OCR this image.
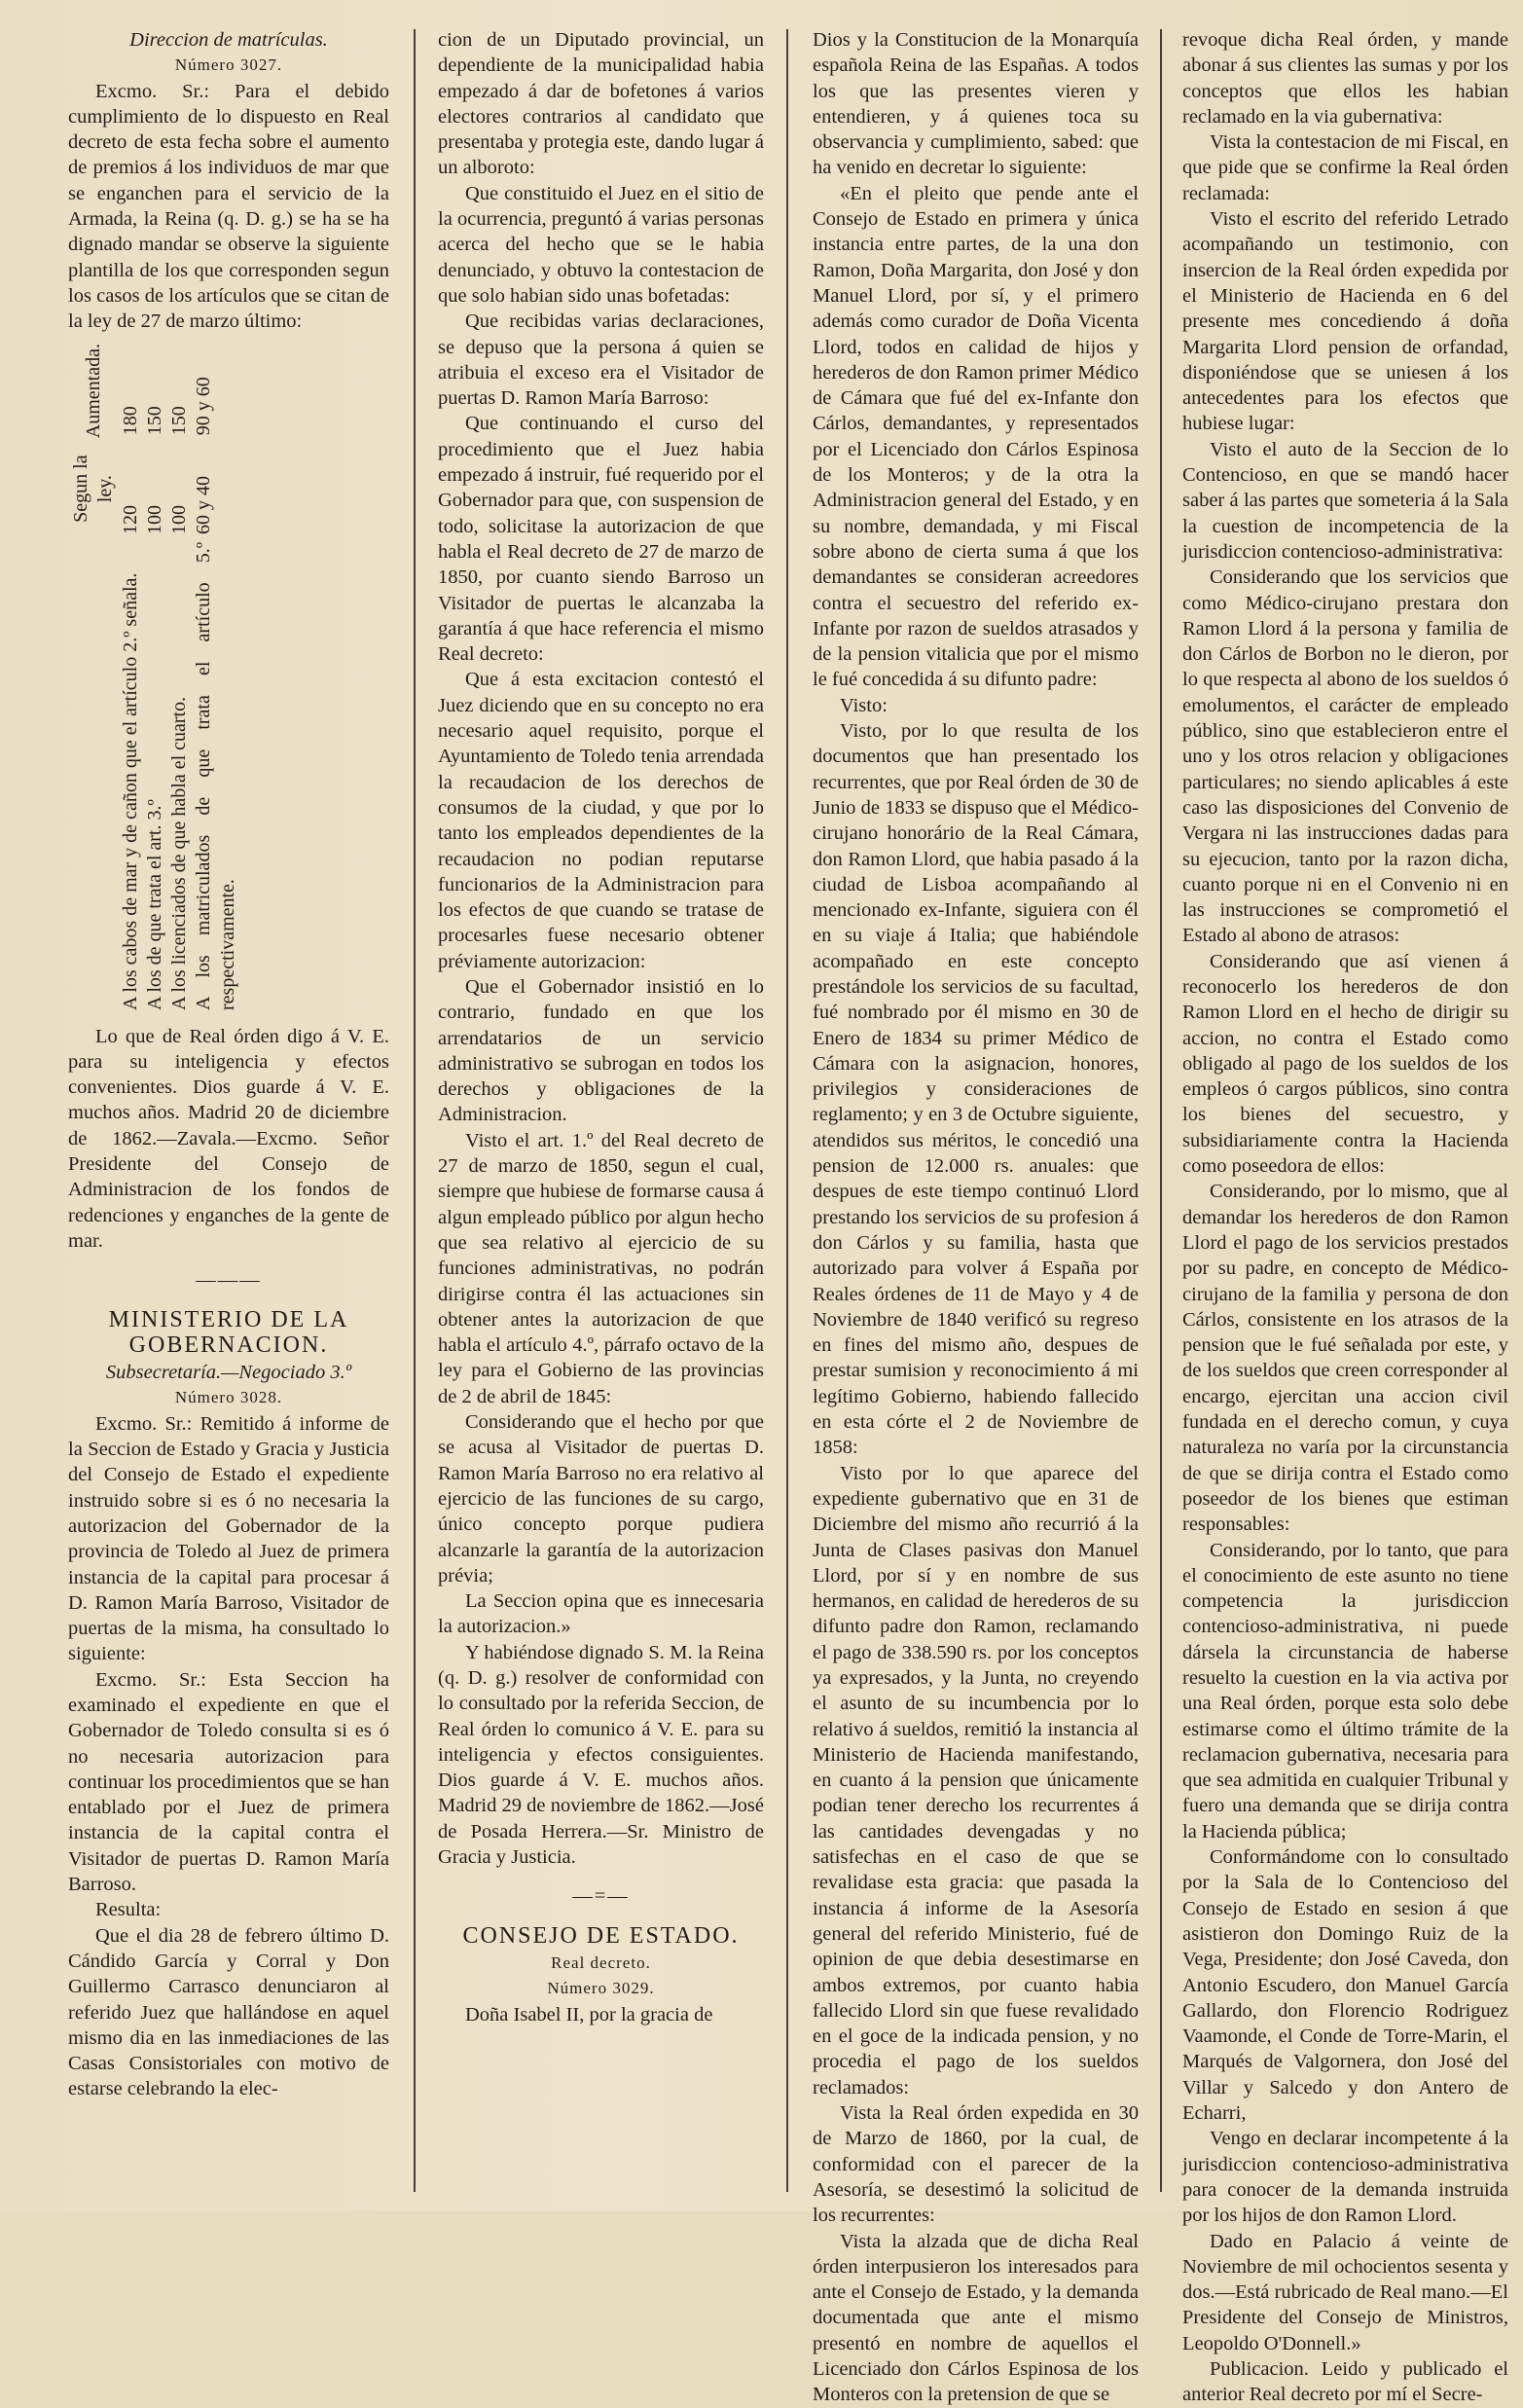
Direccion de matrículas.

Número 3027.

Excmo. Sr.: Para el debido cumplimiento de lo dispuesto en Real decreto de esta fecha sobre el aumento de premios á los individuos de mar que se enganchen para el servicio de la Armada, la Reina (q. D. g.) se ha se ha dignado mandar se observe la siguiente plantilla de los que corresponden segun los casos de los artículos que se citan de la ley de 27 de marzo último:

	Segun la ley.	Aumentada.
A los cabos de mar y de cañon que el artículo 2.º señala.	120	180
A los de que trata el art. 3.º	100	150
A los licenciados de que habla el cuarto.	100	150
A los matriculados de que trata el artículo 5.º respectivamente.	60 y 40	90 y 60

Lo que de Real órden digo á V. E. para su inteligencia y efectos convenientes. Dios guarde á V. E. muchos años. Madrid 20 de diciembre de 1862.—Zavala.—Excmo. Señor Presidente del Consejo de Administracion de los fondos de redenciones y enganches de la gente de mar.

———

MINISTERIO DE LA GOBERNACION.

Subsecretaría.—Negociado 3.º

Número 3028.

Excmo. Sr.: Remitido á informe de la Seccion de Estado y Gracia y Justicia del Consejo de Estado el expediente instruido sobre si es ó no necesaria la autorizacion del Gobernador de la provincia de Toledo al Juez de primera instancia de la capital para procesar á D. Ramon María Barroso, Visitador de puertas de la misma, ha consultado lo siguiente:

Excmo. Sr.: Esta Seccion ha examinado el expediente en que el Gobernador de Toledo consulta si es ó no necesaria autorizacion para continuar los procedimientos que se han entablado por el Juez de primera instancia de la capital contra el Visitador de puertas D. Ramon María Barroso.

Resulta:

Que el dia 28 de febrero último D. Cándido García y Corral y Don Guillermo Carrasco denunciaron al referido Juez que hallándose en aquel mismo dia en las inmediaciones de las Casas Consistoriales con motivo de estarse celebrando la elec-

cion de un Diputado provincial, un dependiente de la municipalidad habia empezado á dar de bofetones á varios electores contrarios al candidato que presentaba y protegia este, dando lugar á un alboroto:

Que constituido el Juez en el sitio de la ocurrencia, preguntó á varias personas acerca del hecho que se le habia denunciado, y obtuvo la contestacion de que solo habian sido unas bofetadas:

Que recibidas varias declaraciones, se depuso que la persona á quien se atribuia el exceso era el Visitador de puertas D. Ramon María Barroso:

Que continuando el curso del procedimiento que el Juez habia empezado á instruir, fué requerido por el Gobernador para que, con suspension de todo, solicitase la autorizacion de que habla el Real decreto de 27 de marzo de 1850, por cuanto siendo Barroso un Visitador de puertas le alcanzaba la garantía á que hace referencia el mismo Real decreto:

Que á esta excitacion contestó el Juez diciendo que en su concepto no era necesario aquel requisito, porque el Ayuntamiento de Toledo tenia arrendada la recaudacion de los derechos de consumos de la ciudad, y que por lo tanto los empleados dependientes de la recaudacion no podian reputarse funcionarios de la Administracion para los efectos de que cuando se tratase de procesarles fuese necesario obtener préviamente autorizacion:

Que el Gobernador insistió en lo contrario, fundado en que los arrendatarios de un servicio administrativo se subrogan en todos los derechos y obligaciones de la Administracion.

Visto el art. 1.º del Real decreto de 27 de marzo de 1850, segun el cual, siempre que hubiese de formarse causa á algun empleado público por algun hecho que sea relativo al ejercicio de su funciones administrativas, no podrán dirigirse contra él las actuaciones sin obtener antes la autorizacion de que habla el artículo 4.º, párrafo octavo de la ley para el Gobierno de las provincias de 2 de abril de 1845:

Considerando que el hecho por que se acusa al Visitador de puertas D. Ramon María Barroso no era relativo al ejercicio de las funciones de su cargo, único concepto porque pudiera alcanzarle la garantía de la autorizacion prévia;

La Seccion opina que es innecesaria la autorizacion.»

Y habiéndose dignado S. M. la Reina (q. D. g.) resolver de conformidad con lo consultado por la referida Seccion, de Real órden lo comunico á V. E. para su inteligencia y efectos consiguientes. Dios guarde á V. E. muchos años. Madrid 29 de noviembre de 1862.—José de Posada Herrera.—Sr. Ministro de Gracia y Justicia.

—=—

CONSEJO DE ESTADO.

Real decreto.

Número 3029.

Doña Isabel II, por la gracia de

Dios y la Constitucion de la Monarquía española Reina de las Españas. A todos los que las presentes vieren y entendieren, y á quienes toca su observancia y cumplimiento, sabed: que ha venido en decretar lo siguiente:

«En el pleito que pende ante el Consejo de Estado en primera y única instancia entre partes, de la una don Ramon, Doña Margarita, don José y don Manuel Llord, por sí, y el primero además como curador de Doña Vicenta Llord, todos en calidad de hijos y herederos de don Ramon primer Médico de Cámara que fué del ex-Infante don Cárlos, demandantes, y representados por el Licenciado don Cárlos Espinosa de los Monteros; y de la otra la Administracion general del Estado, y en su nombre, demandada, y mi Fiscal sobre abono de cierta suma á que los demandantes se consideran acreedores contra el secuestro del referido ex-Infante por razon de sueldos atrasados y de la pension vitalicia que por el mismo le fué concedida á su difunto padre:

Visto:

Visto, por lo que resulta de los documentos que han presentado los recurrentes, que por Real órden de 30 de Junio de 1833 se dispuso que el Médico-cirujano honorário de la Real Cámara, don Ramon Llord, que habia pasado á la ciudad de Lisboa acompañando al mencionado ex-Infante, siguiera con él en su viaje á Italia; que habiéndole acompañado en este concepto prestándole los servicios de su facultad, fué nombrado por él mismo en 30 de Enero de 1834 su primer Médico de Cámara con la asignacion, honores, privilegios y consideraciones de reglamento; y en 3 de Octubre siguiente, atendidos sus méritos, le concedió una pension de 12.000 rs. anuales: que despues de este tiempo continuó Llord prestando los servicios de su profesion á don Cárlos y su familia, hasta que autorizado para volver á España por Reales órdenes de 11 de Mayo y 4 de Noviembre de 1840 verificó su regreso en fines del mismo año, despues de prestar sumision y reconocimiento á mi legítimo Gobierno, habiendo fallecido en esta córte el 2 de Noviembre de 1858:

Visto por lo que aparece del expediente gubernativo que en 31 de Diciembre del mismo año recurrió á la Junta de Clases pasivas don Manuel Llord, por sí y en nombre de sus hermanos, en calidad de herederos de su difunto padre don Ramon, reclamando el pago de 338.590 rs. por los conceptos ya expresados, y la Junta, no creyendo el asunto de su incumbencia por lo relativo á sueldos, remitió la instancia al Ministerio de Hacienda manifestando, en cuanto á la pension que únicamente podian tener derecho los recurrentes á las cantidades devengadas y no satisfechas en el caso de que se revalidase esta gracia: que pasada la instancia á informe de la Asesoría general del referido Ministerio, fué de opinion de que debia desestimarse en ambos extremos, por cuanto habia fallecido Llord sin que fuese revalidado en el goce de la indicada pension, y no procedia el pago de los sueldos reclamados:

Vista la Real órden expedida en 30 de Marzo de 1860, por la cual, de conformidad con el parecer de la Asesoría, se desestimó la solicitud de los recurrentes:

Vista la alzada que de dicha Real órden interpusieron los interesados para ante el Consejo de Estado, y la demanda documentada que ante el mismo presentó en nombre de aquellos el Licenciado don Cárlos Espinosa de los Monteros con la pretension de que se

revoque dicha Real órden, y mande abonar á sus clientes las sumas y por los conceptos que ellos les habian reclamado en la via gubernativa:

Vista la contestacion de mi Fiscal, en que pide que se confirme la Real órden reclamada:

Visto el escrito del referido Letrado acompañando un testimonio, con insercion de la Real órden expedida por el Ministerio de Hacienda en 6 del presente mes concediendo á doña Margarita Llord pension de orfandad, disponiéndose que se uniesen á los antecedentes para los efectos que hubiese lugar:

Visto el auto de la Seccion de lo Contencioso, en que se mandó hacer saber á las partes que someteria á la Sala la cuestion de incompetencia de la jurisdiccion contencioso-administrativa:

Considerando que los servicios que como Médico-cirujano prestara don Ramon Llord á la persona y familia de don Cárlos de Borbon no le dieron, por lo que respecta al abono de los sueldos ó emolumentos, el carácter de empleado público, sino que establecieron entre el uno y los otros relacion y obligaciones particulares; no siendo aplicables á este caso las disposiciones del Convenio de Vergara ni las instrucciones dadas para su ejecucion, tanto por la razon dicha, cuanto porque ni en el Convenio ni en las instrucciones se comprometió el Estado al abono de atrasos:

Considerando que así vienen á reconocerlo los herederos de don Ramon Llord en el hecho de dirigir su accion, no contra el Estado como obligado al pago de los sueldos de los empleos ó cargos públicos, sino contra los bienes del secuestro, y subsidiariamente contra la Hacienda como poseedora de ellos:

Considerando, por lo mismo, que al demandar los herederos de don Ramon Llord el pago de los servicios prestados por su padre, en concepto de Médico-cirujano de la familia y persona de don Cárlos, consistente en los atrasos de la pension que le fué señalada por este, y de los sueldos que creen corresponder al encargo, ejercitan una accion civil fundada en el derecho comun, y cuya naturaleza no varía por la circunstancia de que se dirija contra el Estado como poseedor de los bienes que estiman responsables:

Considerando, por lo tanto, que para el conocimiento de este asunto no tiene competencia la jurisdiccion contencioso-administrativa, ni puede dársela la circunstancia de haberse resuelto la cuestion en la via activa por una Real órden, porque esta solo debe estimarse como el último trámite de la reclamacion gubernativa, necesaria para que sea admitida en cualquier Tribunal y fuero una demanda que se dirija contra la Hacienda pública;

Conformándome con lo consultado por la Sala de lo Contencioso del Consejo de Estado en sesion á que asistieron don Domingo Ruiz de la Vega, Presidente; don José Caveda, don Antonio Escudero, don Manuel García Gallardo, don Florencio Rodriguez Vaamonde, el Conde de Torre-Marin, el Marqués de Valgornera, don José del Villar y Salcedo y don Antero de Echarri,

Vengo en declarar incompetente á la jurisdiccion contencioso-administrativa para conocer de la demanda instruida por los hijos de don Ramon Llord.

Dado en Palacio á veinte de Noviembre de mil ochocientos sesenta y dos.—Está rubricado de Real mano.—El Presidente del Consejo de Ministros, Leopoldo O'Donnell.»

Publicacion. Leido y publicado el anterior Real decreto por mí el Secre-
